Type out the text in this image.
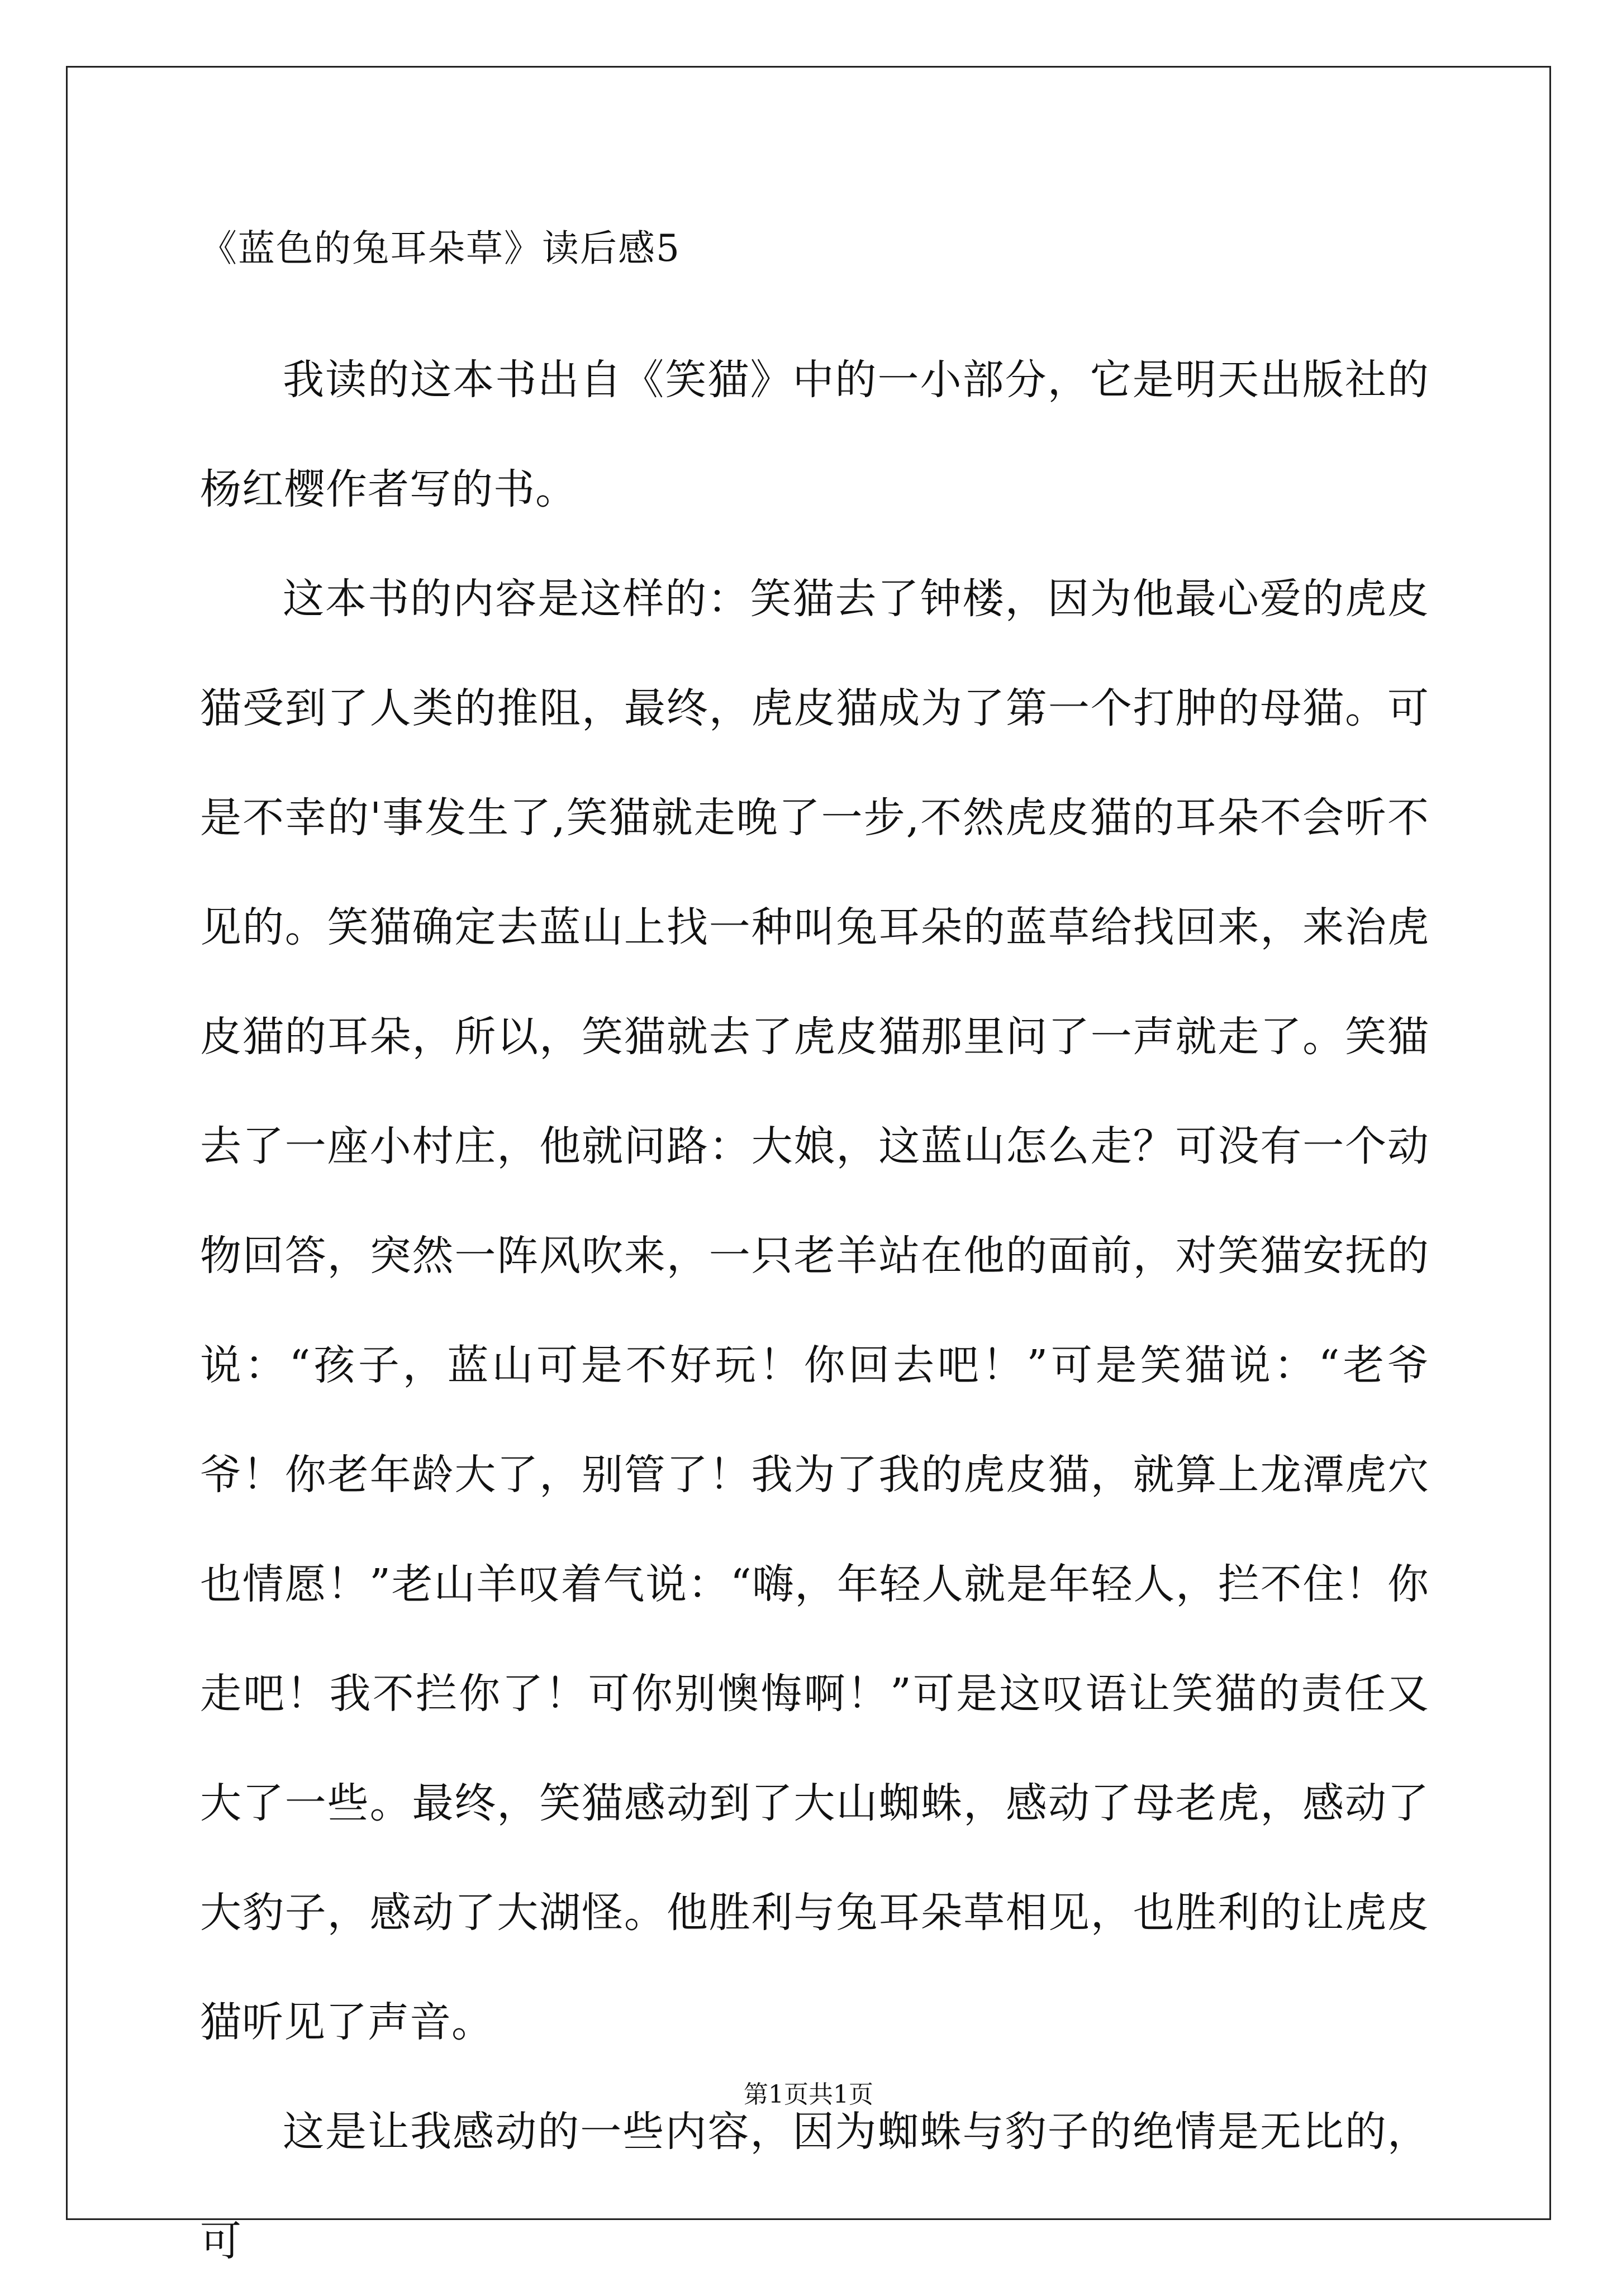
《蓝色的兔耳朵草》读后感5

我读的这本书出自《笑猫》中的一小部分，它是明天出版社的杨红樱作者写的书。

这本书的内容是这样的：笑猫去了钟楼，因为他最心爱的虎皮猫受到了人类的推阻，最终，虎皮猫成为了第一个打肿的母猫。可是不幸的'事发生了,笑猫就走晚了一步,不然虎皮猫的耳朵不会听不见的。笑猫确定去蓝山上找一种叫兔耳朵的蓝草给找回来，来治虎皮猫的耳朵，所以，笑猫就去了虎皮猫那里问了一声就走了。笑猫去了一座小村庄，他就问路：大娘，这蓝山怎么走？可没有一个动物回答，突然一阵风吹来，一只老羊站在他的面前，对笑猫安抚的说：“孩子，蓝山可是不好玩！你回去吧！”可是笑猫说：“老爷爷！你老年龄大了，别管了！我为了我的虎皮猫，就算上龙潭虎穴也情愿！”老山羊叹着气说：“嗨，年轻人就是年轻人，拦不住！你走吧！我不拦你了！可你别懊悔啊！”可是这叹语让笑猫的责任又大了一些。最终，笑猫感动到了大山蜘蛛，感动了母老虎，感动了大豹子，感动了大湖怪。他胜利与兔耳朵草相见，也胜利的让虎皮猫听见了声音。

这是让我感动的一些内容，因为蜘蛛与豹子的绝情是无比的，可

第1页共1页
